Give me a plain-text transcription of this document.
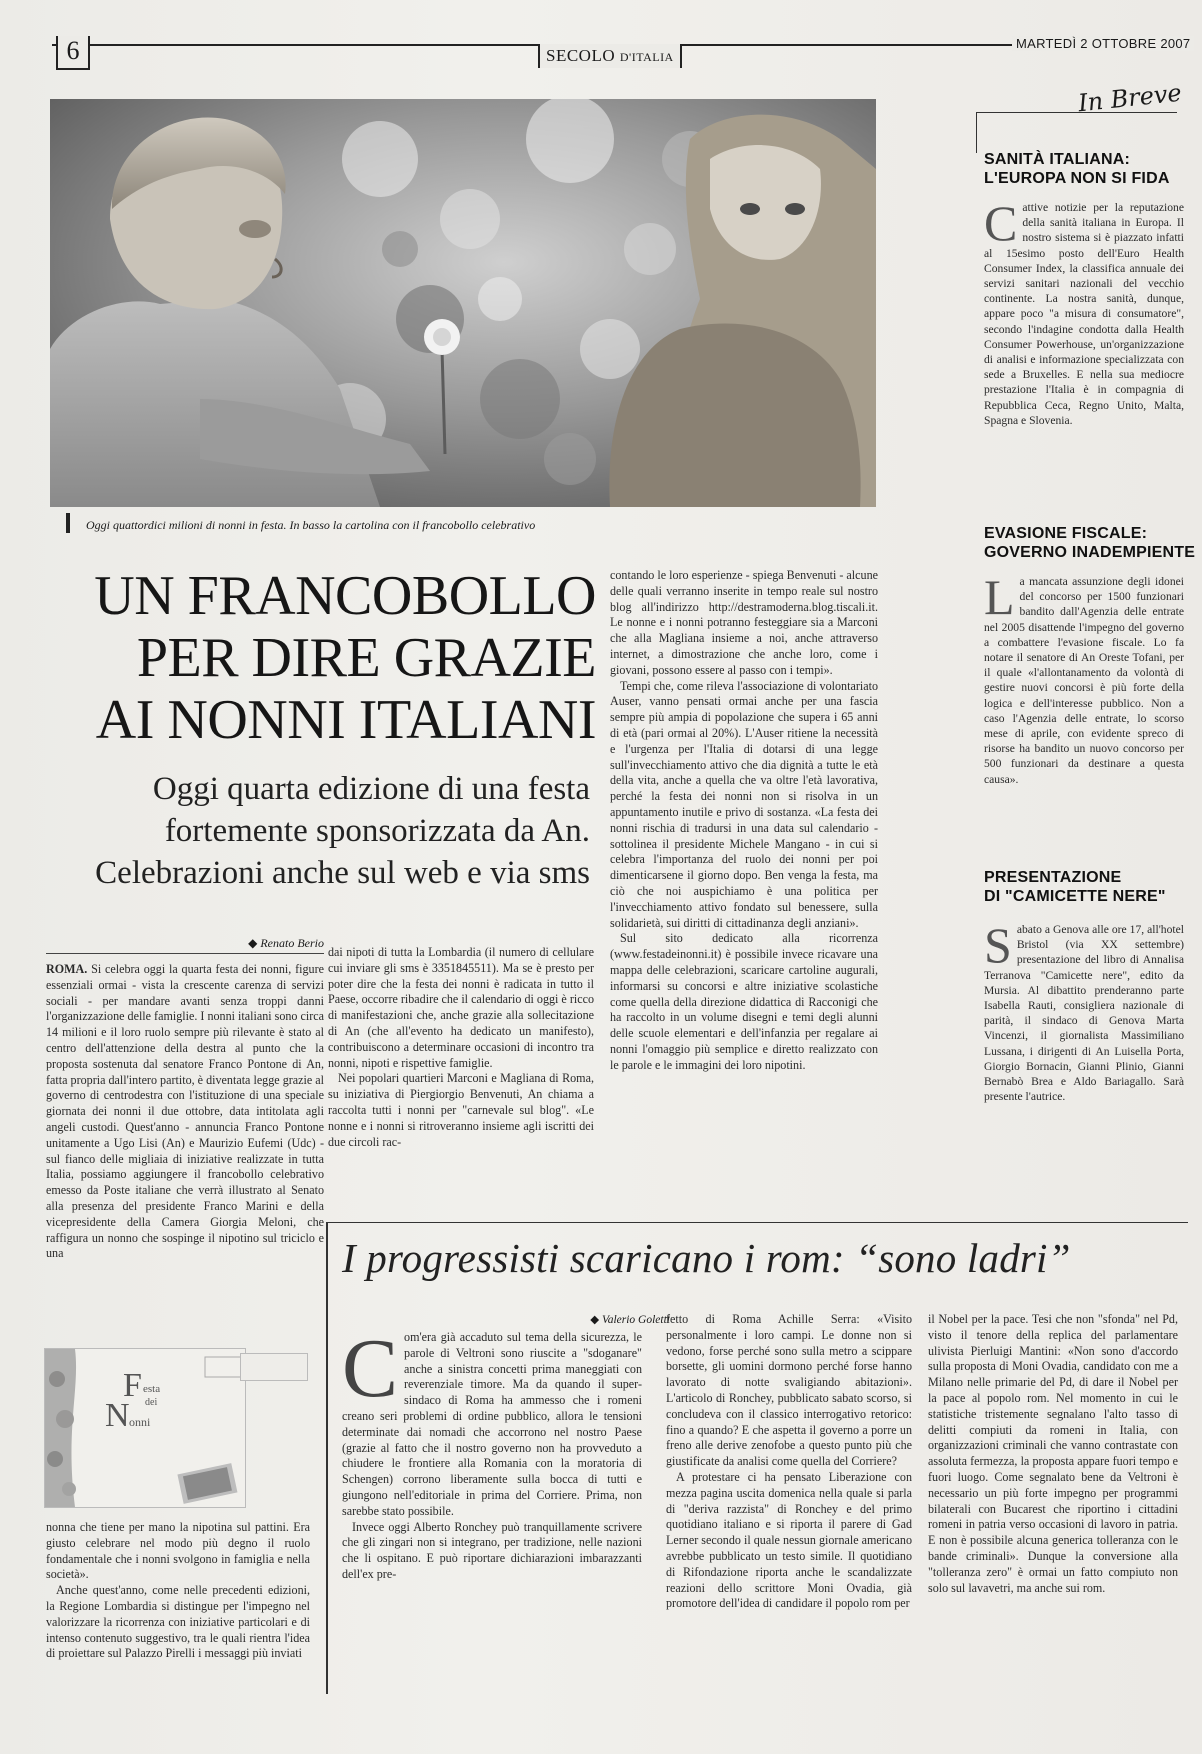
6	SECOLO D'ITALIA
MARTEDÌ 2 OTTOBRE 2007
Oggi quattordici milioni di nonni in festa. In basso la cartolina con il francobollo celebrativo
UN FRANCOBOLLO
PER DIRE GRAZIE
AI NONNI ITALIANI
Oggi quarta edizione di una festa
fortemente sponsorizzata da An.
Celebrazioni anche sul web e via sms
◆ Renato Berio

ROMA. Si celebra oggi la quarta festa dei nonni, figure essenziali ormai - vista la crescente carenza di servizi sociali - per mandare avanti senza troppi danni l'organizzazione delle famiglie. I nonni italiani sono circa 14 milioni e il loro ruolo sempre più rilevante è stato al centro dell'attenzione della destra al punto che la proposta sostenuta dal senatore Franco Pontone di An, fatta propria dall'intero partito, è diventata legge grazie al governo di centrodestra con l'istituzione di una speciale giornata dei nonni il due ottobre, data intitolata agli angeli custodi. Quest'anno - annuncia Franco Pontone unitamente a Ugo Lisi (An) e Maurizio Eufemi (Udc) - sul fianco delle migliaia di iniziative realizzate in tutta Italia, possiamo aggiungere il francobollo celebrativo emesso da Poste italiane che verrà illustrato al Senato alla presenza del presidente Franco Marini e della vicepresidente della Camera Giorgia Meloni, che raffigura un nonno che sospinge il nipotino sul triciclo e una

F esta
dei
N onni

nonna che tiene per mano la nipotina sul pattini. Era giusto celebrare nel modo più degno il ruolo fondamentale che i nonni svolgono in famiglia e nella società».

Anche quest'anno, come nelle precedenti edizioni, la Regione Lombardia si distingue per l'impegno nel valorizzare la ricorrenza con iniziative particolari e di intenso contenuto suggestivo, tra le quali rientra l'idea di proiettare sul Palazzo Pirelli i messaggi più inviati

dai nipoti di tutta la Lombardia (il numero di cellulare cui inviare gli sms è 3351845511). Ma se è presto per poter dire che la festa dei nonni è radicata in tutto il Paese, occorre ribadire che il calendario di oggi è ricco di manifestazioni che, anche grazie alla sollecitazione di An (che all'evento ha dedicato un manifesto), contribuiscono a determinare occasioni di incontro tra nonni, nipoti e rispettive famiglie.

Nei popolari quartieri Marconi e Magliana di Roma, su iniziativa di Piergiorgio Benvenuti, An chiama a raccolta tutti i nonni per "carnevale sul blog". «Le nonne e i nonni si ritroveranno insieme agli iscritti dei due circoli rac-

contando le loro esperienze - spiega Benvenuti - alcune delle quali verranno inserite in tempo reale sul nostro blog all'indirizzo http://destramoderna.blog.tiscali.it. Le nonne e i nonni potranno festeggiare sia a Marconi che alla Magliana insieme a noi, anche attraverso internet, a dimostrazione che anche loro, come i giovani, possono essere al passo con i tempi».

Tempi che, come rileva l'associazione di volontariato Auser, vanno pensati ormai anche per una fascia sempre più ampia di popolazione che supera i 65 anni di età (pari ormai al 20%). L'Auser ritiene la necessità e l'urgenza per l'Italia di dotarsi di una legge sull'invecchiamento attivo che dia dignità a tutte le età della vita, anche a quella che va oltre l'età lavorativa, perché la festa dei nonni non si risolva in un appuntamento inutile e privo di sostanza. «La festa dei nonni rischia di tradursi in una data sul calendario - sottolinea il presidente Michele Mangano - in cui si celebra l'importanza del ruolo dei nonni per poi dimenticarsene il giorno dopo. Ben venga la festa, ma ciò che noi auspichiamo è una politica per l'invecchiamento attivo fondato sul benessere, sulla solidarietà, sui diritti di cittadinanza degli anziani».

Sul sito dedicato alla ricorrenza (www.festadeinonni.it) è possibile invece ricavare una mappa delle celebrazioni, scaricare cartoline augurali, informarsi su concorsi e altre iniziative scolastiche come quella della direzione didattica di Racconigi che ha raccolto in un volume disegni e temi degli alunni delle scuole elementari e dell'infanzia per regalare ai nonni l'omaggio più semplice e diretto realizzato con le parole e le immagini dei loro nipotini.

In Breve
SANITÀ ITALIANA:
L'EUROPA NON SI FIDA
Cattive notizie per la reputazione della sanità italiana in Europa. Il nostro sistema si è piazzato infatti al 15esimo posto dell'Euro Health Consumer Index, la classifica annuale dei servizi sanitari nazionali del vecchio continente. La nostra sanità, dunque, appare poco "a misura di consumatore", secondo l'indagine condotta dalla Health Consumer Powerhouse, un'organizzazione di analisi e informazione specializzata con sede a Bruxelles. E nella sua mediocre prestazione l'Italia è in compagnia di Repubblica Ceca, Regno Unito, Malta, Spagna e Slovenia.
EVASIONE FISCALE:
GOVERNO INADEMPIENTE
La mancata assunzione degli idonei del concorso per 1500 funzionari bandito dall'Agenzia delle entrate nel 2005 disattende l'impegno del governo a combattere l'evasione fiscale. Lo fa notare il senatore di An Oreste Tofani, per il quale «l'allontanamento da volontà di gestire nuovi concorsi è più forte della logica e dell'interesse pubblico. Non a caso l'Agenzia delle entrate, lo scorso mese di aprile, con evidente spreco di risorse ha bandito un nuovo concorso per 500 funzionari da destinare a questa causa».
PRESENTAZIONE
DI "CAMICETTE NERE"
Sabato a Genova alle ore 17, all'hotel Bristol (via XX settembre) presentazione del libro di Annalisa Terranova "Camicette nere", edito da Mursia. Al dibattito prenderanno parte Isabella Rauti, consigliera nazionale di parità, il sindaco di Genova Marta Vincenzi, il giornalista Massimiliano Lussana, i dirigenti di An Luisella Porta, Giorgio Bornacin, Gianni Plinio, Gianni Bernabò Brea e Aldo Bariagallo. Sarà presente l'autrice.
I progressisti scaricano i rom: “sono ladri”
◆ Valerio Goletti

Com'era già accaduto sul tema della sicurezza, le parole di Veltroni sono riuscite a "sdoganare" anche a sinistra concetti prima maneggiati con reverenziale timore. Ma da quando il super-sindaco di Roma ha ammesso che i romeni creano seri problemi di ordine pubblico, allora le tensioni determinate dai nomadi che accorrono nel nostro Paese (grazie al fatto che il nostro governo non ha provveduto a chiudere le frontiere alla Romania con la moratoria di Schengen) corrono liberamente sulla bocca di tutti e giungono nell'editoriale in prima del Corriere. Prima, non sarebbe stato possibile.

Invece oggi Alberto Ronchey può tranquillamente scrivere che gli zingari non si integrano, per tradizione, nelle nazioni che li ospitano. E può riportare dichiarazioni imbarazzanti dell'ex pre-

fetto di Roma Achille Serra: «Visito personalmente i loro campi. Le donne non si vedono, forse perché sono sulla metro a scippare borsette, gli uomini dormono perché forse hanno lavorato di notte svaligiando abitazioni». L'articolo di Ronchey, pubblicato sabato scorso, si concludeva con il classico interrogativo retorico: fino a quando? E che aspetta il governo a porre un freno alle derive zenofobe a questo punto più che giustificate da analisi come quella del Corriere?

A protestare ci ha pensato Liberazione con mezza pagina uscita domenica nella quale si parla di "deriva razzista" di Ronchey e del primo quotidiano italiano e si riporta il parere di Gad Lerner secondo il quale nessun giornale americano avrebbe pubblicato un testo simile. Il quotidiano di Rifondazione riporta anche le scandalizzate reazioni dello scrittore Moni Ovadia, già promotore dell'idea di candidare il popolo rom per

il Nobel per la pace. Tesi che non "sfonda" nel Pd, visto il tenore della replica del parlamentare ulivista Pierluigi Mantini: «Non sono d'accordo sulla proposta di Moni Ovadia, candidato con me a Milano nelle primarie del Pd, di dare il Nobel per la pace al popolo rom. Nel momento in cui le statistiche tristemente segnalano l'alto tasso di delitti compiuti da romeni in Italia, con organizzazioni criminali che vanno contrastate con assoluta fermezza, la proposta appare fuori tempo e fuori luogo. Come segnalato bene da Veltroni è necessario un più forte impegno per programmi bilaterali con Bucarest che riportino i cittadini romeni in patria verso occasioni di lavoro in patria. E non è possibile alcuna generica tolleranza con le bande criminali». Dunque la conversione alla "tolleranza zero" è ormai un fatto compiuto non solo sul lavavetri, ma anche sui rom.
